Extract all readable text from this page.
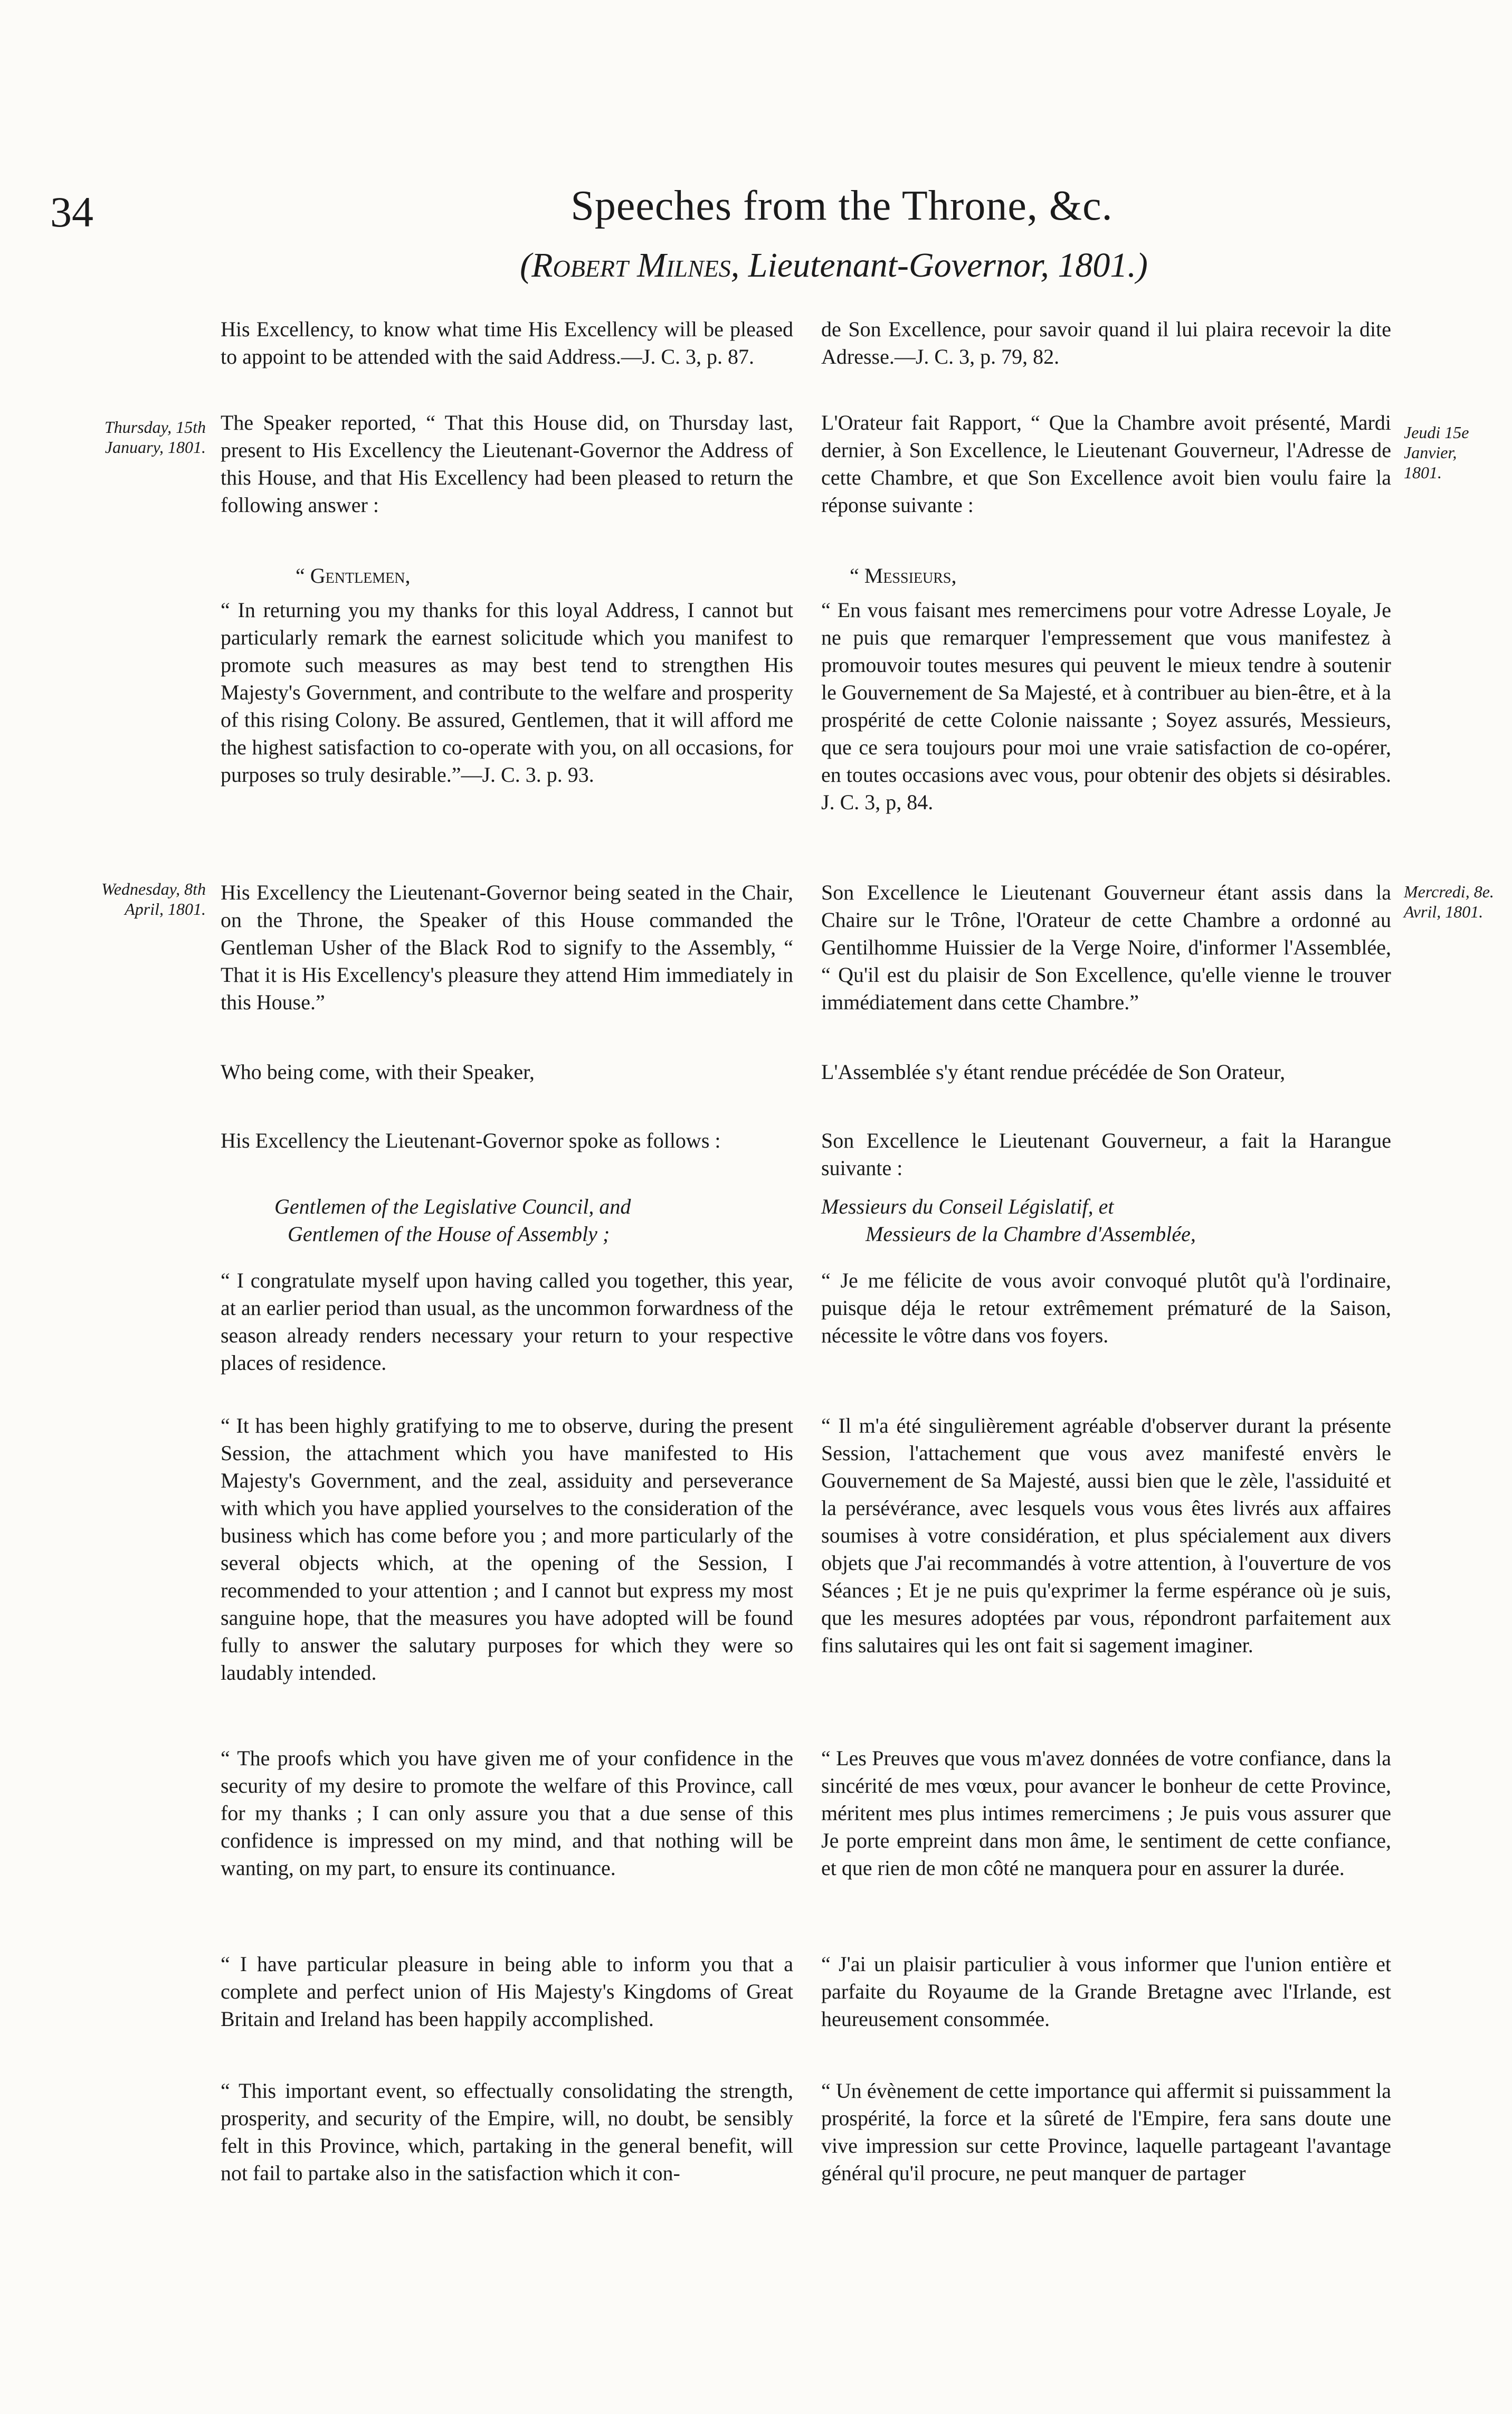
34	Speeches from the Throne, &c.
(Robert Milnes, Lieutenant-Governor, 1801.)
Thursday, 15th January, 1801.
Jeudi 15e Janvier, 1801.
Wednesday, 8th April, 1801.
Mercredi, 8e. Avril, 1801.
His Excellency, to know what time His Excellency will be pleased to appoint to be attended with the said Address.—J. C. 3, p. 87.
The Speaker reported, “ That this House did, on Thursday last, present to His Excellency the Lieutenant-Governor the Address of this House, and that His Excellency had been pleased to return the following answer :
“ Gentlemen,
“ In returning you my thanks for this loyal Address, I cannot but particularly remark the earnest solicitude which you manifest to promote such measures as may best tend to strengthen His Majesty's Government, and contribute to the welfare and prosperity of this rising Colony. Be assured, Gentlemen, that it will afford me the highest satisfaction to co-operate with you, on all occasions, for purposes so truly desirable.”—J. C. 3. p. 93.
His Excellency the Lieutenant-Governor being seated in the Chair, on the Throne, the Speaker of this House commanded the Gentleman Usher of the Black Rod to signify to the Assembly, “ That it is His Excellency's pleasure they attend Him immediately in this House.”
Who being come, with their Speaker,
His Excellency the Lieutenant-Governor spoke as follows :
Gentlemen of the Legislative Council, and
Gentlemen of the House of Assembly ;
“ I congratulate myself upon having called you together, this year, at an earlier period than usual, as the uncommon forwardness of the season already renders necessary your return to your respective places of residence.
“ It has been highly gratifying to me to observe, during the present Session, the attachment which you have manifested to His Majesty's Government, and the zeal, assiduity and perseverance with which you have applied yourselves to the consideration of the business which has come before you ; and more particularly of the several objects which, at the opening of the Session, I recommended to your attention ; and I cannot but express my most sanguine hope, that the measures you have adopted will be found fully to answer the salutary purposes for which they were so laudably intended.
“ The proofs which you have given me of your confidence in the security of my desire to promote the welfare of this Province, call for my thanks ; I can only assure you that a due sense of this confidence is impressed on my mind, and that nothing will be wanting, on my part, to ensure its continuance.
“ I have particular pleasure in being able to inform you that a complete and perfect union of His Majesty's Kingdoms of Great Britain and Ireland has been happily accomplished.
“ This important event, so effectually consolidating the strength, prosperity, and security of the Empire, will, no doubt, be sensibly felt in this Province, which, partaking in the general benefit, will not fail to partake also in the satisfaction which it con-
de Son Excellence, pour savoir quand il lui plaira recevoir la dite Adresse.—J. C. 3, p. 79, 82.
L'Orateur fait Rapport, “ Que la Chambre avoit présenté, Mardi dernier, à Son Excellence, le Lieutenant Gouverneur, l'Adresse de cette Chambre, et que Son Excellence avoit bien voulu faire la réponse suivante :
“ Messieurs,
“ En vous faisant mes remercimens pour votre Adresse Loyale, Je ne puis que remarquer l'empressement que vous manifestez à promouvoir toutes mesures qui peuvent le mieux tendre à soutenir le Gouvernement de Sa Majesté, et à contribuer au bien-être, et à la prospérité de cette Colonie naissante ; Soyez assurés, Messieurs, que ce sera toujours pour moi une vraie satisfaction de co-opérer, en toutes occasions avec vous, pour obtenir des objets si désirables. J. C. 3, p, 84.
Son Excellence le Lieutenant Gouverneur étant assis dans la Chaire sur le Trône, l'Orateur de cette Chambre a ordonné au Gentilhomme Huissier de la Verge Noire, d'informer l'Assemblée, “ Qu'il est du plaisir de Son Excellence, qu'elle vienne le trouver immédiatement dans cette Chambre.”
L'Assemblée s'y étant rendue précédée de Son Orateur,
Son Excellence le Lieutenant Gouverneur, a fait la Harangue suivante :
Messieurs du Conseil Législatif, et
Messieurs de la Chambre d'Assemblée,
“ Je me félicite de vous avoir convoqué plutôt qu'à l'ordinaire, puisque déja le retour extrêmement prématuré de la Saison, nécessite le vôtre dans vos foyers.
“ Il m'a été singulièrement agréable d'observer durant la présente Session, l'attachement que vous avez manifesté envèrs le Gouvernement de Sa Majesté, aussi bien que le zèle, l'assiduité et la persévérance, avec lesquels vous vous êtes livrés aux affaires soumises à votre considération, et plus spécialement aux divers objets que J'ai recommandés à votre attention, à l'ouverture de vos Séances ; Et je ne puis qu'exprimer la ferme espérance où je suis, que les mesures adoptées par vous, répondront parfaitement aux fins salutaires qui les ont fait si sagement imaginer.
“ Les Preuves que vous m'avez données de votre confiance, dans la sincérité de mes vœux, pour avancer le bonheur de cette Province, méritent mes plus intimes remercimens ; Je puis vous assurer que Je porte empreint dans mon âme, le sentiment de cette confiance, et que rien de mon côté ne manquera pour en assurer la durée.
“ J'ai un plaisir particulier à vous informer que l'union entière et parfaite du Royaume de la Grande Bretagne avec l'Irlande, est heureusement consommée.
“ Un évènement de cette importance qui affermit si puissamment la prospérité, la force et la sûreté de l'Empire, fera sans doute une vive impression sur cette Province, laquelle partageant l'avantage général qu'il procure, ne peut manquer de partager
